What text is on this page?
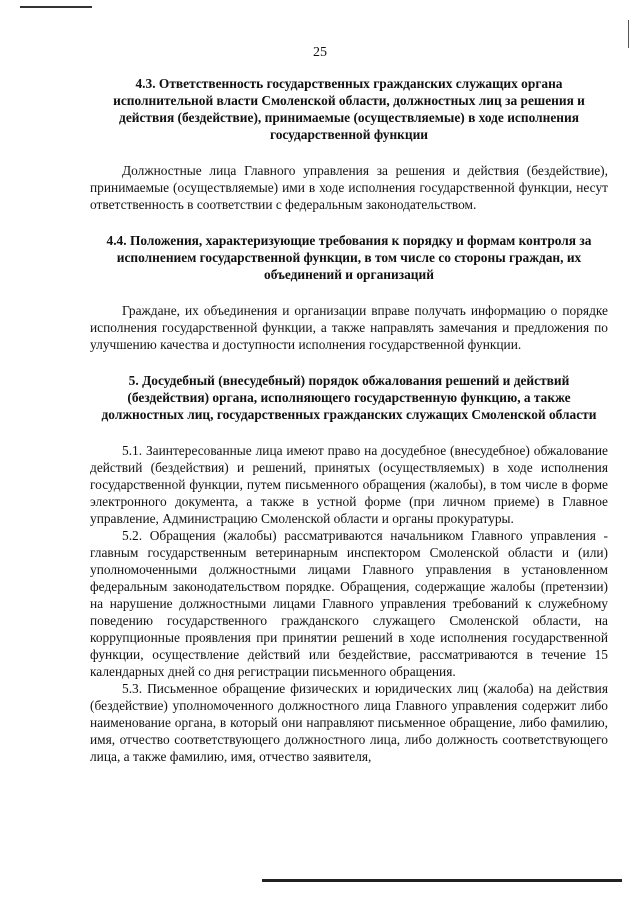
25

4.3. Ответственность государственных гражданских служащих органа исполнительной власти Смоленской области, должностных лиц за решения и действия (бездействие), принимаемые (осуществляемые) в ходе исполнения государственной функции

Должностные лица Главного управления за решения и действия (бездействие), принимаемые (осуществляемые) ими в ходе исполнения государственной функции, несут ответственность в соответствии с федеральным законодательством.

4.4. Положения, характеризующие требования к порядку и формам контроля за исполнением государственной функции, в том числе со стороны граждан, их объединений и организаций

Граждане, их объединения и организации вправе получать информацию о порядке исполнения государственной функции, а также направлять замечания и предложения по улучшению качества и доступности исполнения государственной функции.

5. Досудебный (внесудебный) порядок обжалования решений и действий (бездействия) органа, исполняющего государственную функцию, а также должностных лиц, государственных гражданских служащих Смоленской области

5.1. Заинтересованные лица имеют право на досудебное (внесудебное) обжалование действий (бездействия) и решений, принятых (осуществляемых) в ходе исполнения государственной функции, путем письменного обращения (жалобы), в том числе в форме электронного документа, а также в устной форме (при личном приеме) в Главное управление, Администрацию Смоленской области и органы прокуратуры.

5.2. Обращения (жалобы) рассматриваются начальником Главного управления - главным государственным ветеринарным инспектором Смоленской области и (или) уполномоченными должностными лицами Главного управления в установленном федеральным законодательством порядке. Обращения, содержащие жалобы (претензии) на нарушение должностными лицами Главного управления требований к служебному поведению государственного гражданского служащего Смоленской области, на коррупционные проявления при принятии решений в ходе исполнения государственной функции, осуществление действий или бездействие, рассматриваются в течение 15 календарных дней со дня регистрации письменного обращения.

5.3. Письменное обращение физических и юридических лиц (жалоба) на действия (бездействие) уполномоченного должностного лица Главного управления содержит либо наименование органа, в который они направляют письменное обращение, либо фамилию, имя, отчество соответствующего должностного лица, либо должность соответствующего лица, а также фамилию, имя, отчество заявителя,
